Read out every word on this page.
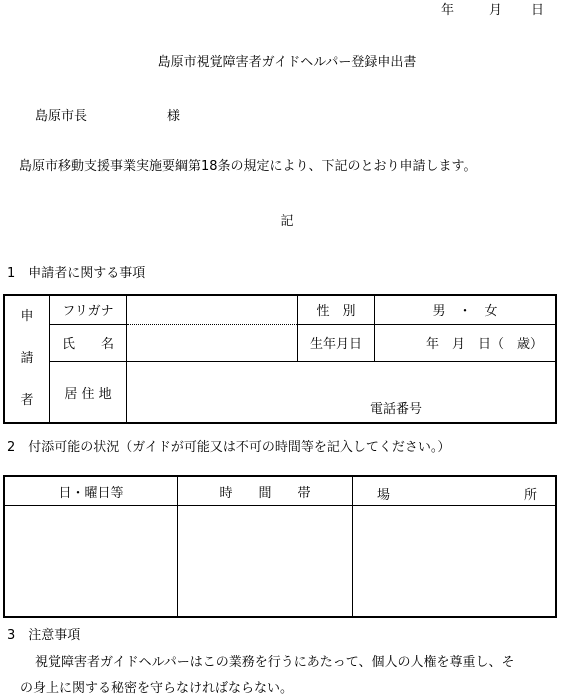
年	月 日
島原市視覚障害者ガイドヘルパー登録申出書
島原市長	様
島原市移動支援事業実施要綱第18条の規定により、下記のとおり申請します。
記
1　申請者に関する事項
申
請
者	フリガナ		性　別	男　・　女
	氏　　名		生年月日	年　月　日（　歳）
	居 住 地	電話番号		
2　付添可能の状況（ガイドが可能又は不可の時間等を記入してください。）
日・曜日等	時　　間　　帯	場 所

3　注意事項
視覚障害者ガイドヘルパーはこの業務を行うにあたって、個人の人権を尊重し、そ
の身上に関する秘密を守らなければならない。
